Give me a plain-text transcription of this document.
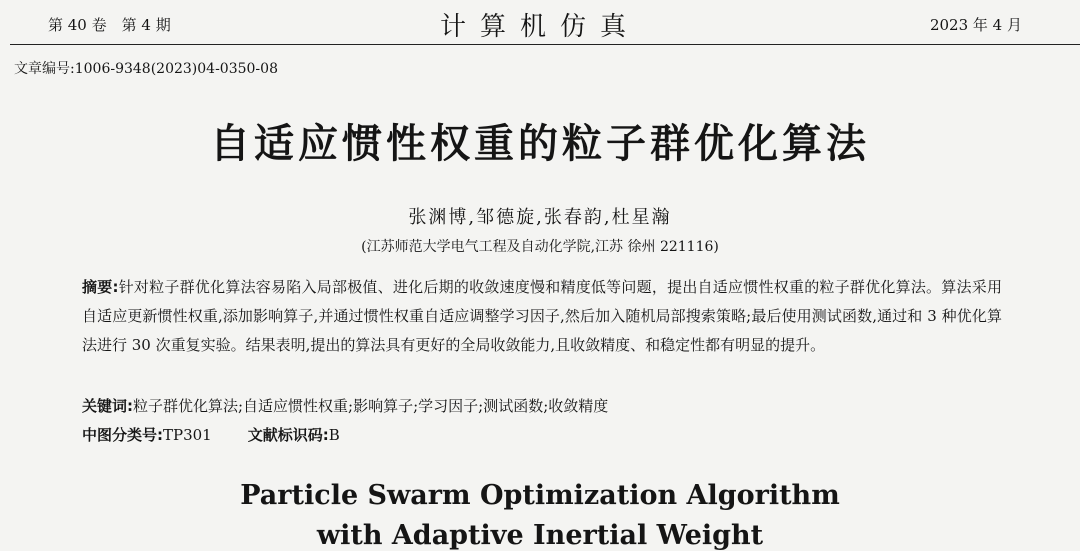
第 40 卷　第 4 期	计算机仿真	2023 年 4 月
文章编号:1006-9348(2023)04-0350-08
自适应惯性权重的粒子群优化算法
张渊博,邹德旋,张春韵,杜星瀚
(江苏师范大学电气工程及自动化学院,江苏 徐州 221116)
摘要:针对粒子群优化算法容易陷入局部极值、进化后期的收敛速度慢和精度低等问题，提出自适应惯性权重的粒子群优化算法。算法采用自适应更新惯性权重,添加影响算子,并通过惯性权重自适应调整学习因子,然后加入随机局部搜索策略;最后使用测试函数,通过和 3 种优化算法进行 30 次重复实验。结果表明,提出的算法具有更好的全局收敛能力,且收敛精度、和稳定性都有明显的提升。
关键词:粒子群优化算法;自适应惯性权重;影响算子;学习因子;测试函数;收敛精度
中图分类号:TP301 文献标识码:B
Particle Swarm Optimization Algorithm
with Adaptive Inertial Weight
